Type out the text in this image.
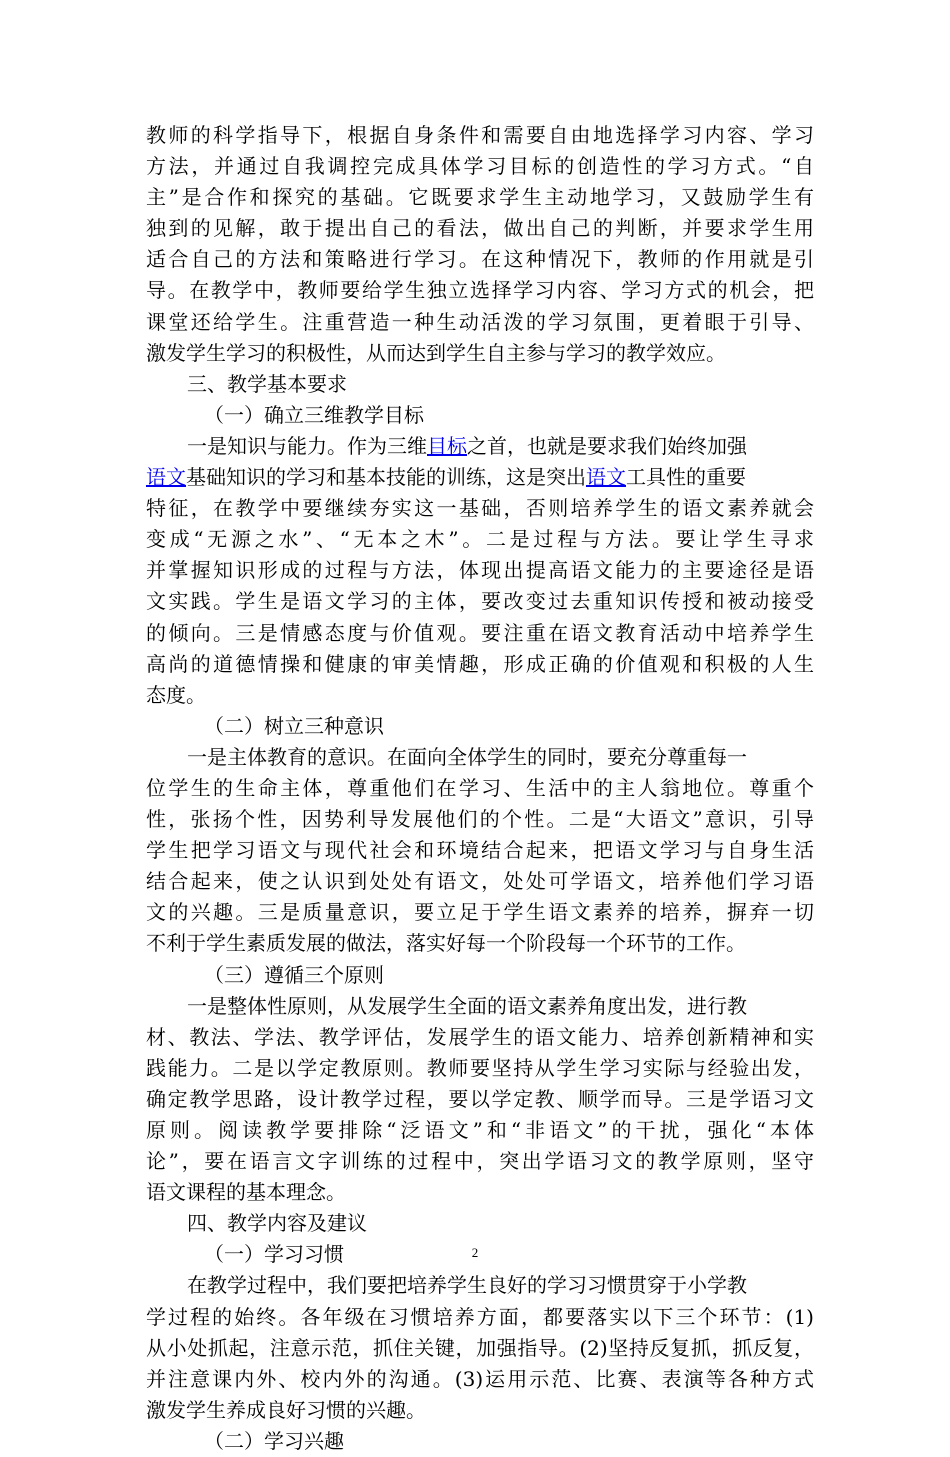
教师的科学指导下，根据自身条件和需要自由地选择学习内容、学习
方法，并通过自我调控完成具体学习目标的创造性的学习方式。“自
主”是合作和探究的基础。它既要求学生主动地学习，又鼓励学生有
独到的见解，敢于提出自己的看法，做出自己的判断，并要求学生用
适合自己的方法和策略进行学习。在这种情况下，教师的作用就是引
导。在教学中，教师要给学生独立选择学习内容、学习方式的机会，把
课堂还给学生。注重营造一种生动活泼的学习氛围，更着眼于引导、
激发学生学习的积极性，从而达到学生自主参与学习的教学效应。
三、教学基本要求
（一）确立三维教学目标
一是知识与能力。作为三维目标之首，也就是要求我们始终加强
语文基础知识的学习和基本技能的训练，这是突出语文工具性的重要
特征，在教学中要继续夯实这一基础，否则培养学生的语文素养就会
变成“无源之水”、“无本之木”。二是过程与方法。要让学生寻求
并掌握知识形成的过程与方法，体现出提高语文能力的主要途径是语
文实践。学生是语文学习的主体，要改变过去重知识传授和被动接受
的倾向。三是情感态度与价值观。要注重在语文教育活动中培养学生
高尚的道德情操和健康的审美情趣，形成正确的价值观和积极的人生
态度。
（二）树立三种意识
一是主体教育的意识。在面向全体学生的同时，要充分尊重每一
位学生的生命主体，尊重他们在学习、生活中的主人翁地位。尊重个
性，张扬个性，因势利导发展他们的个性。二是“大语文”意识，引导
学生把学习语文与现代社会和环境结合起来，把语文学习与自身生活
结合起来，使之认识到处处有语文，处处可学语文，培养他们学习语
文的兴趣。三是质量意识，要立足于学生语文素养的培养，摒弃一切
不利于学生素质发展的做法，落实好每一个阶段每一个环节的工作。
（三）遵循三个原则
一是整体性原则，从发展学生全面的语文素养角度出发，进行教
材、教法、学法、教学评估，发展学生的语文能力、培养创新精神和实
践能力。二是以学定教原则。教师要坚持从学生学习实际与经验出发，
确定教学思路，设计教学过程，要以学定教、顺学而导。三是学语习文
原则。阅读教学要排除“泛语文”和“非语文”的干扰，强化“本体
论”，要在语言文字训练的过程中，突出学语习文的教学原则，坚守
语文课程的基本理念。
四、教学内容及建议
（一）学习习惯
在教学过程中，我们要把培养学生良好的学习习惯贯穿于小学教
学过程的始终。各年级在习惯培养方面，都要落实以下三个环节：(1)
从小处抓起，注意示范，抓住关键，加强指导。(2)坚持反复抓，抓反复，
并注意课内外、校内外的沟通。(3)运用示范、比赛、表演等各种方式
激发学生养成良好习惯的兴趣。
（二）学习兴趣
2
